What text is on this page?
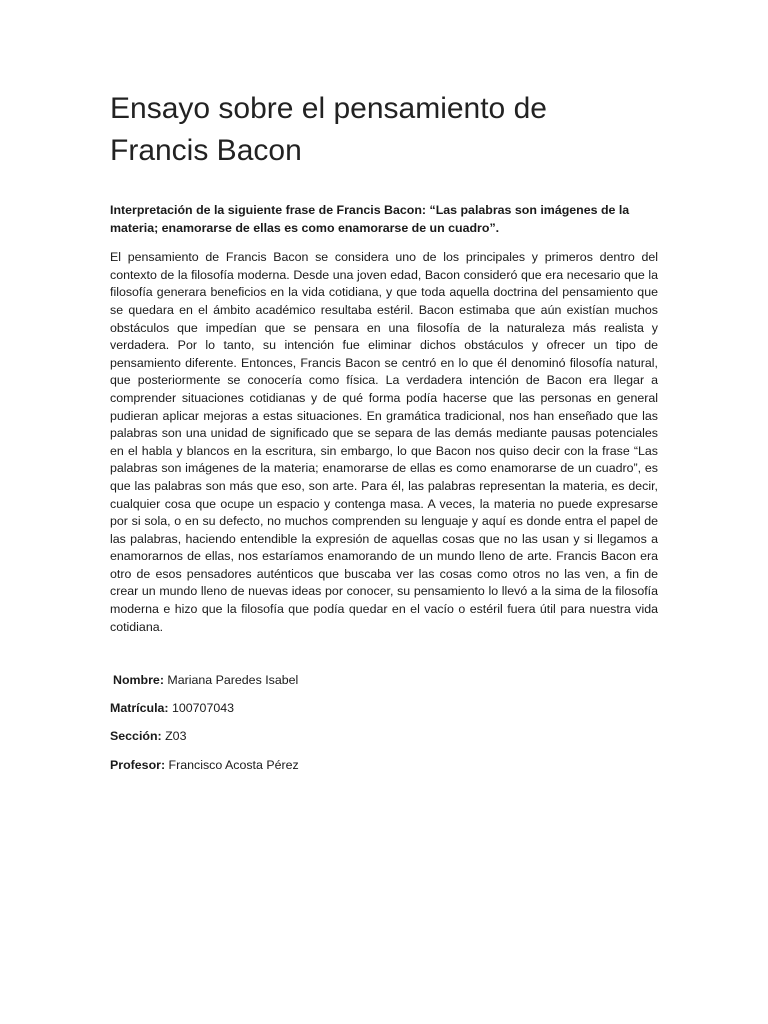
Ensayo sobre el pensamiento de
Francis Bacon

Interpretación de la siguiente frase de Francis Bacon: “Las palabras son imágenes de la materia; enamorarse de ellas es como enamorarse de un cuadro”.

El pensamiento de Francis Bacon se considera uno de los principales y primeros dentro del contexto de la filosofía moderna. Desde una joven edad, Bacon consideró que era necesario que la filosofía generara beneficios en la vida cotidiana, y que toda aquella doctrina del pensamiento que se quedara en el ámbito académico resultaba estéril. Bacon estimaba que aún existían muchos obstáculos que impedían que se pensara en una filosofía de la naturaleza más realista y verdadera. Por lo tanto, su intención fue eliminar dichos obstáculos y ofrecer un tipo de pensamiento diferente. Entonces, Francis Bacon se centró en lo que él denominó filosofía natural, que posteriormente se conocería como física. La verdadera intención de Bacon era llegar a comprender situaciones cotidianas y de qué forma podía hacerse que las personas en general pudieran aplicar mejoras a estas situaciones. En gramática tradicional, nos han enseñado que las palabras son una unidad de significado que se separa de las demás mediante pausas potenciales en el habla y blancos en la escritura, sin embargo, lo que Bacon nos quiso decir con la frase “Las palabras son imágenes de la materia; enamorarse de ellas es como enamorarse de un cuadro”, es que las palabras son más que eso, son arte. Para él, las palabras representan la materia, es decir, cualquier cosa que ocupe un espacio y contenga masa. A veces, la materia no puede expresarse por si sola, o en su defecto, no muchos comprenden su lenguaje y aquí es donde entra el papel de las palabras, haciendo entendible la expresión de aquellas cosas que no las usan y si llegamos a enamorarnos de ellas, nos estaríamos enamorando de un mundo lleno de arte. Francis Bacon era otro de esos pensadores auténticos que buscaba ver las cosas como otros no las ven, a fin de crear un mundo lleno de nuevas ideas por conocer, su pensamiento lo llevó a la sima de la filosofía moderna e hizo que la filosofía que podía quedar en el vacío o estéril fuera útil para nuestra vida cotidiana.

Nombre: Mariana Paredes Isabel

Matrícula: 100707043

Sección: Z03

Profesor: Francisco Acosta Pérez
